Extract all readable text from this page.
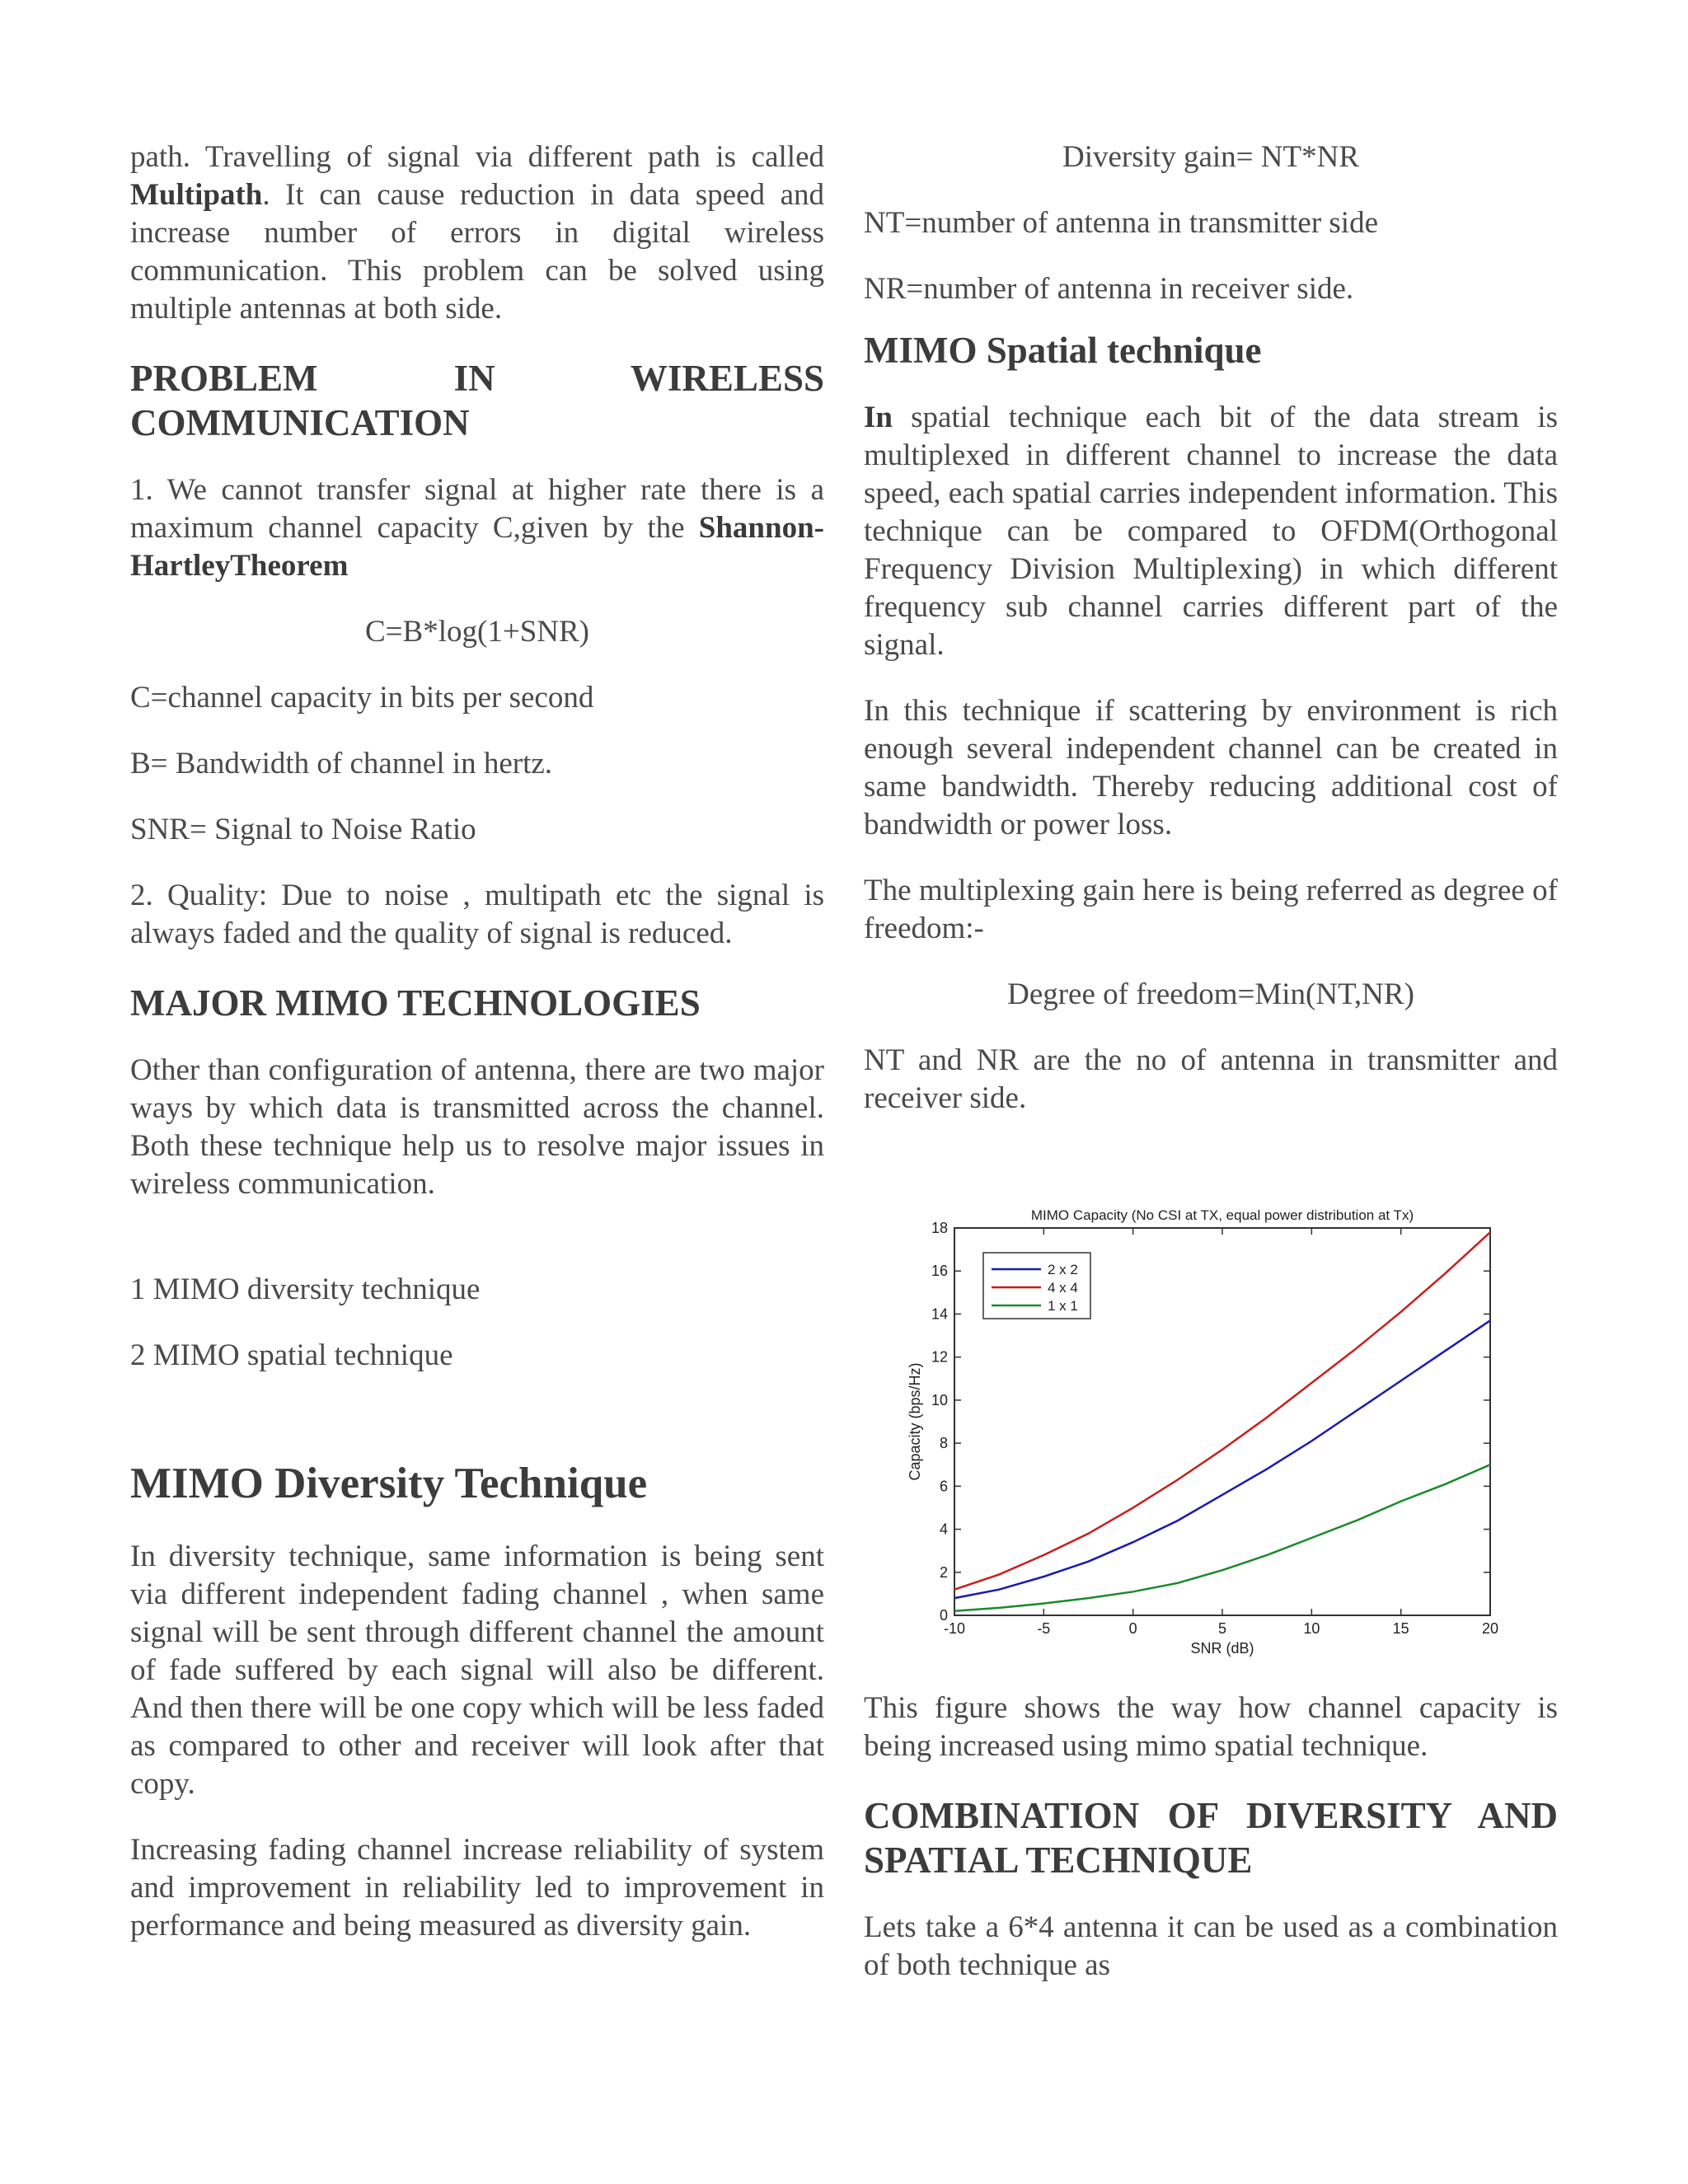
path. Travelling of signal via different path is called Multipath. It can cause reduction in data speed and increase number of errors in digital wireless communication. This problem can be solved using multiple antennas at both side.

PROBLEM IN WIRELESS COMMUNICATION

1. We cannot transfer signal at higher rate there is a maximum channel capacity C,given by the Shannon-HartleyTheorem

C=B*log(1+SNR)

C=channel capacity in bits per second

B= Bandwidth of channel in hertz.

SNR= Signal to Noise Ratio

2. Quality: Due to noise , multipath etc the signal is always faded and the quality of signal is reduced.

MAJOR MIMO TECHNOLOGIES

Other than configuration of antenna, there are two major ways by which data is transmitted across the channel. Both these technique help us to resolve major issues in wireless communication.

1 MIMO diversity technique

2 MIMO spatial technique

MIMO Diversity Technique

In diversity technique, same information is being sent via different independent fading channel , when same signal will be sent through different channel the amount of fade suffered by each signal will also be different. And then there will be one copy which will be less faded as compared to other and receiver will look after that copy.

Increasing fading channel increase reliability of system and improvement in reliability led to improvement in performance and being measured as diversity gain.

Diversity gain= NT*NR

NT=number of antenna in transmitter side

NR=number of antenna in receiver side.

MIMO Spatial technique

In spatial technique each bit of the data stream is multiplexed in different channel to increase the data speed, each spatial carries independent information. This technique can be compared to OFDM(Orthogonal Frequency Division Multiplexing) in which different frequency sub channel carries different part of the signal.

In this technique if scattering by environment is rich enough several independent channel can be created in same bandwidth. Thereby reducing additional cost of bandwidth or power loss.

The multiplexing gain here is being referred as degree of freedom:-

Degree of freedom=Min(NT,NR)

NT and NR are the no of antenna in transmitter and receiver side.

MIMO Capacity (No CSI at TX, equal power distribution at Tx)
-10	-5	0	5	10	15	20
0
2
4
6
8
10
12
14
16
18
SNR (dB)
Capacity (bps/Hz)
2 x 2
4 x 4
1 x 1

This figure shows the way how channel capacity is being increased using mimo spatial technique.

COMBINATION OF DIVERSITY AND SPATIAL TECHNIQUE

Lets take a 6*4 antenna it can be used as a combination of both technique as
